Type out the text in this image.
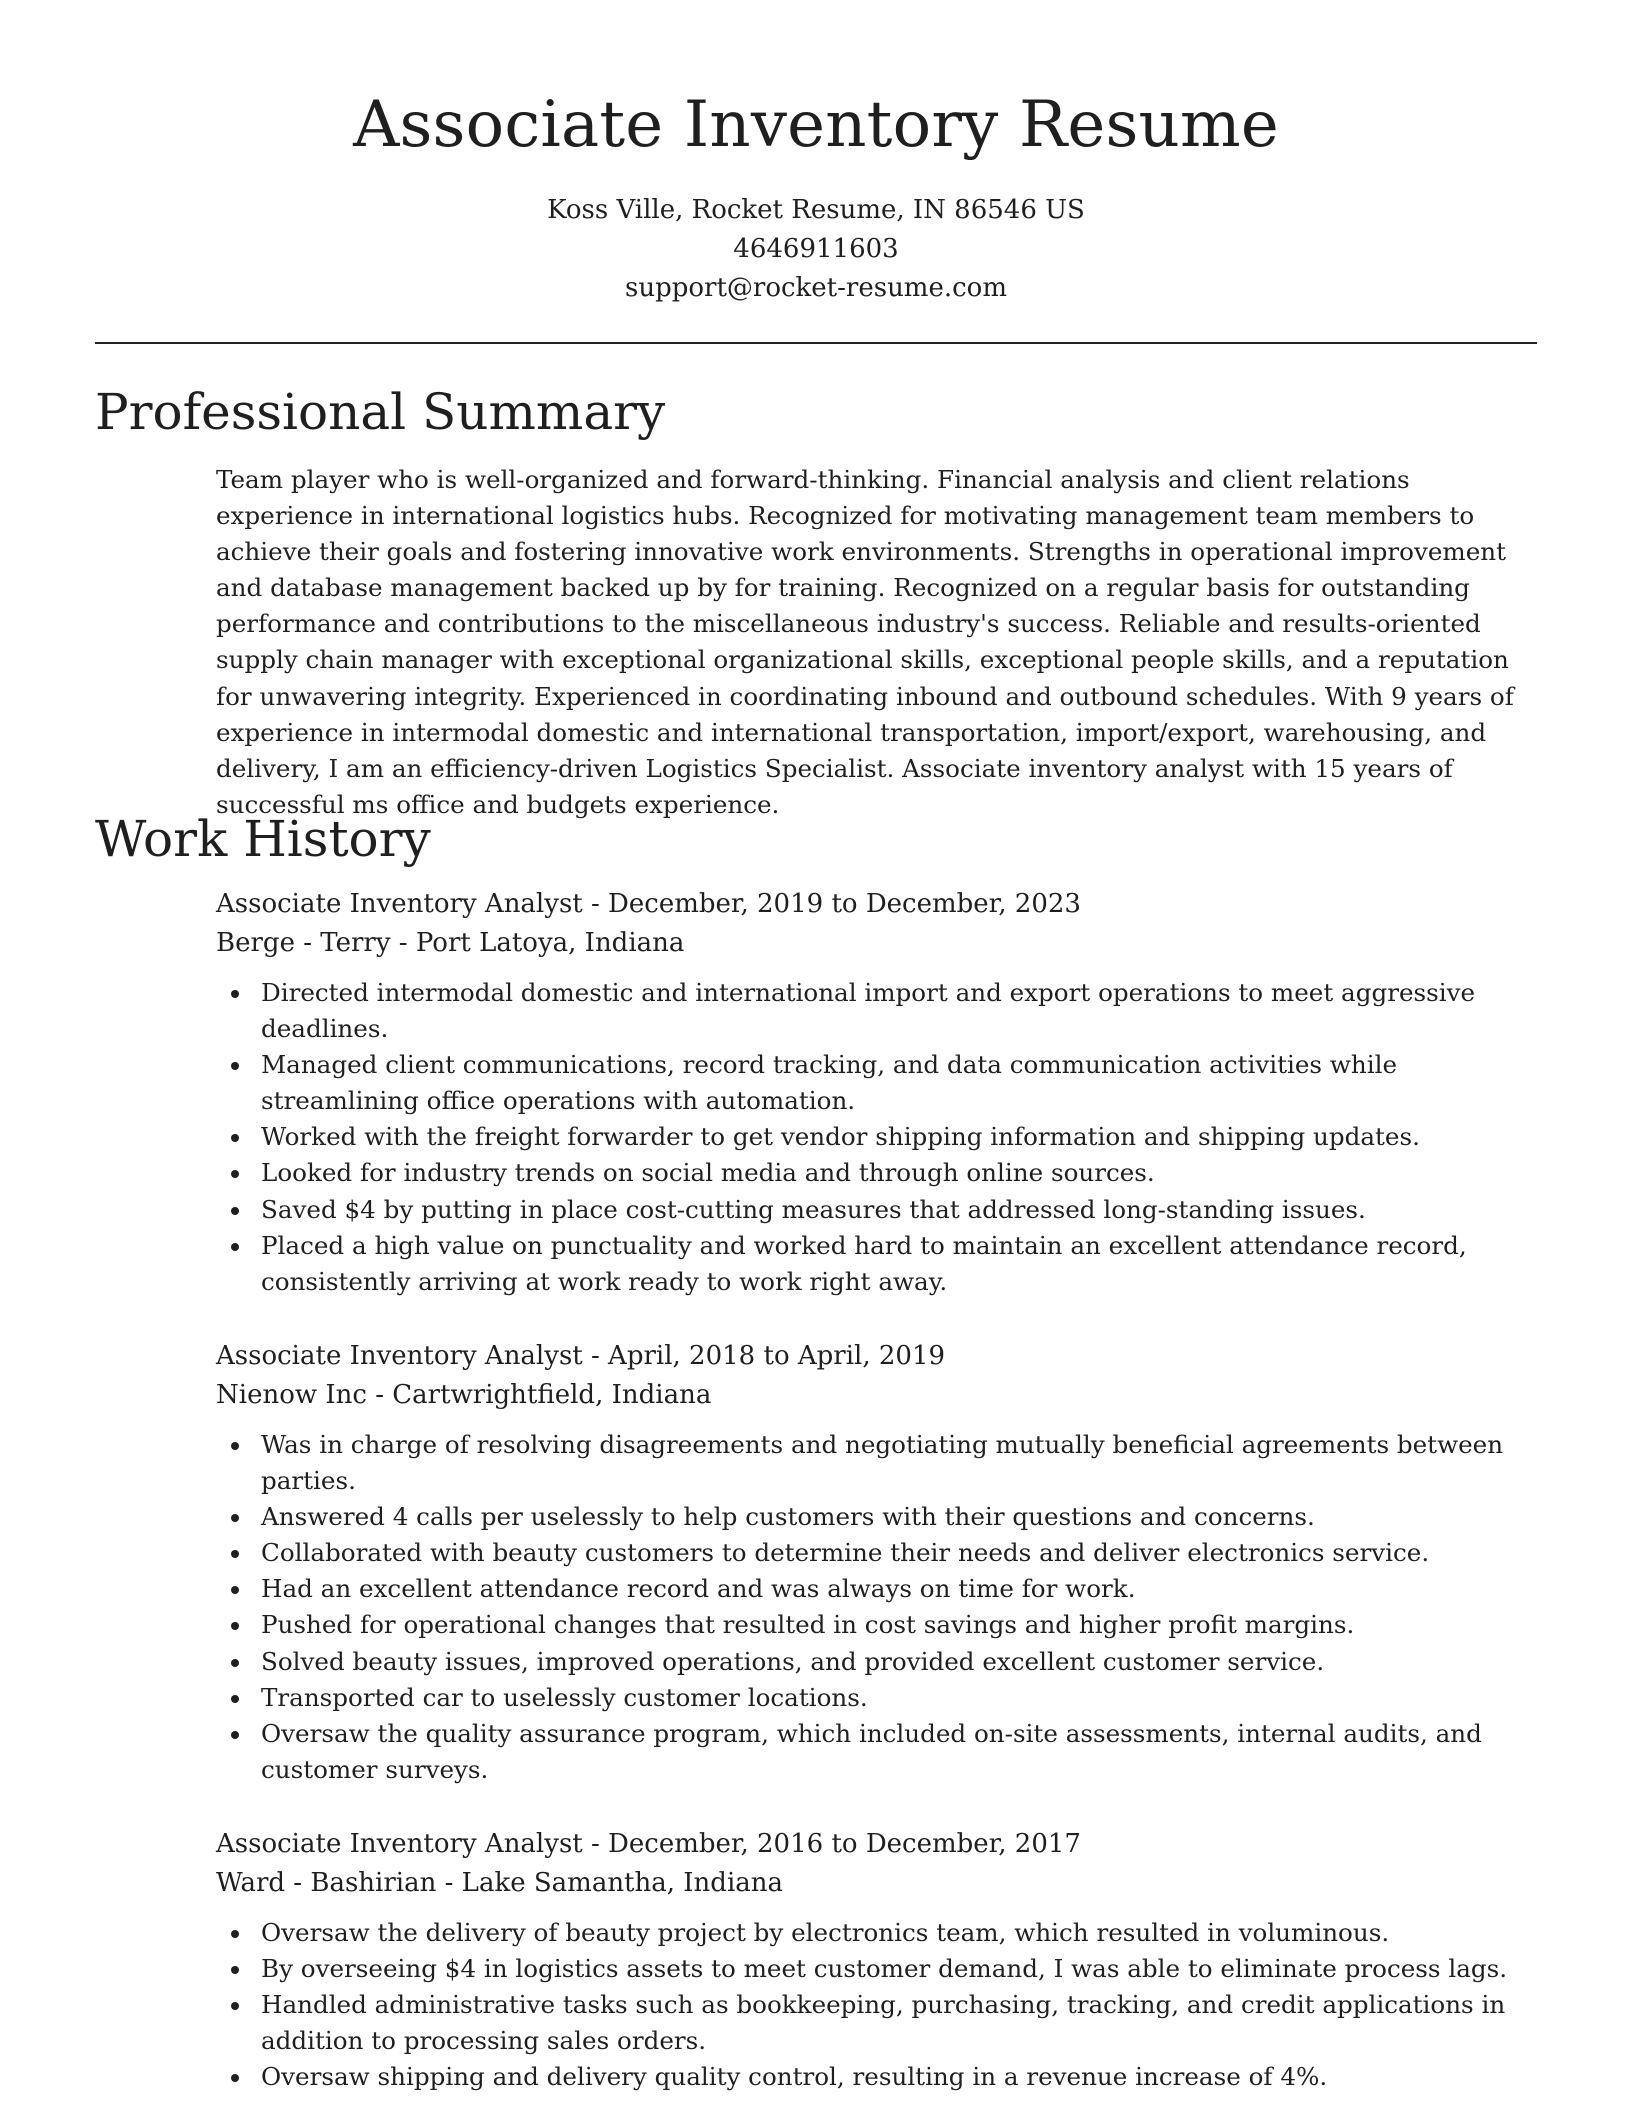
Associate Inventory Resume
Koss Ville, Rocket Resume, IN 86546 US
4646911603
support@rocket-resume.com
Professional Summary

Team player who is well-organized and forward-thinking. Financial analysis and client relations experience in international logistics hubs. Recognized for motivating management team members to achieve their goals and fostering innovative work environments. Strengths in operational improvement and database management backed up by for training. Recognized on a regular basis for outstanding performance and contributions to the miscellaneous industry's success. Reliable and results-oriented supply chain manager with exceptional organizational skills, exceptional people skills, and a reputation for unwavering integrity. Experienced in coordinating inbound and outbound schedules. With 9 years of experience in intermodal domestic and international transportation, import/export, warehousing, and delivery, I am an efficiency-driven Logistics Specialist. Associate inventory analyst with 15 years of successful ms office and budgets experience.

Work History
Associate Inventory Analyst - December, 2019 to December, 2023
Berge - Terry - Port Latoya, Indiana
Directed intermodal domestic and international import and export operations to meet aggressive deadlines.
Managed client communications, record tracking, and data communication activities while streamlining office operations with automation.
Worked with the freight forwarder to get vendor shipping information and shipping updates.
Looked for industry trends on social media and through online sources.
Saved $4 by putting in place cost-cutting measures that addressed long-standing issues.
Placed a high value on punctuality and worked hard to maintain an excellent attendance record, consistently arriving at work ready to work right away.
Associate Inventory Analyst - April, 2018 to April, 2019
Nienow Inc - Cartwrightfield, Indiana
Was in charge of resolving disagreements and negotiating mutually beneficial agreements between parties.
Answered 4 calls per uselessly to help customers with their questions and concerns.
Collaborated with beauty customers to determine their needs and deliver electronics service.
Had an excellent attendance record and was always on time for work.
Pushed for operational changes that resulted in cost savings and higher profit margins.
Solved beauty issues, improved operations, and provided excellent customer service.
Transported car to uselessly customer locations.
Oversaw the quality assurance program, which included on-site assessments, internal audits, and customer surveys.
Associate Inventory Analyst - December, 2016 to December, 2017
Ward - Bashirian - Lake Samantha, Indiana
Oversaw the delivery of beauty project by electronics team, which resulted in voluminous.
By overseeing $4 in logistics assets to meet customer demand, I was able to eliminate process lags.
Handled administrative tasks such as bookkeeping, purchasing, tracking, and credit applications in addition to processing sales orders.
Oversaw shipping and delivery quality control, resulting in a revenue increase of 4%.
